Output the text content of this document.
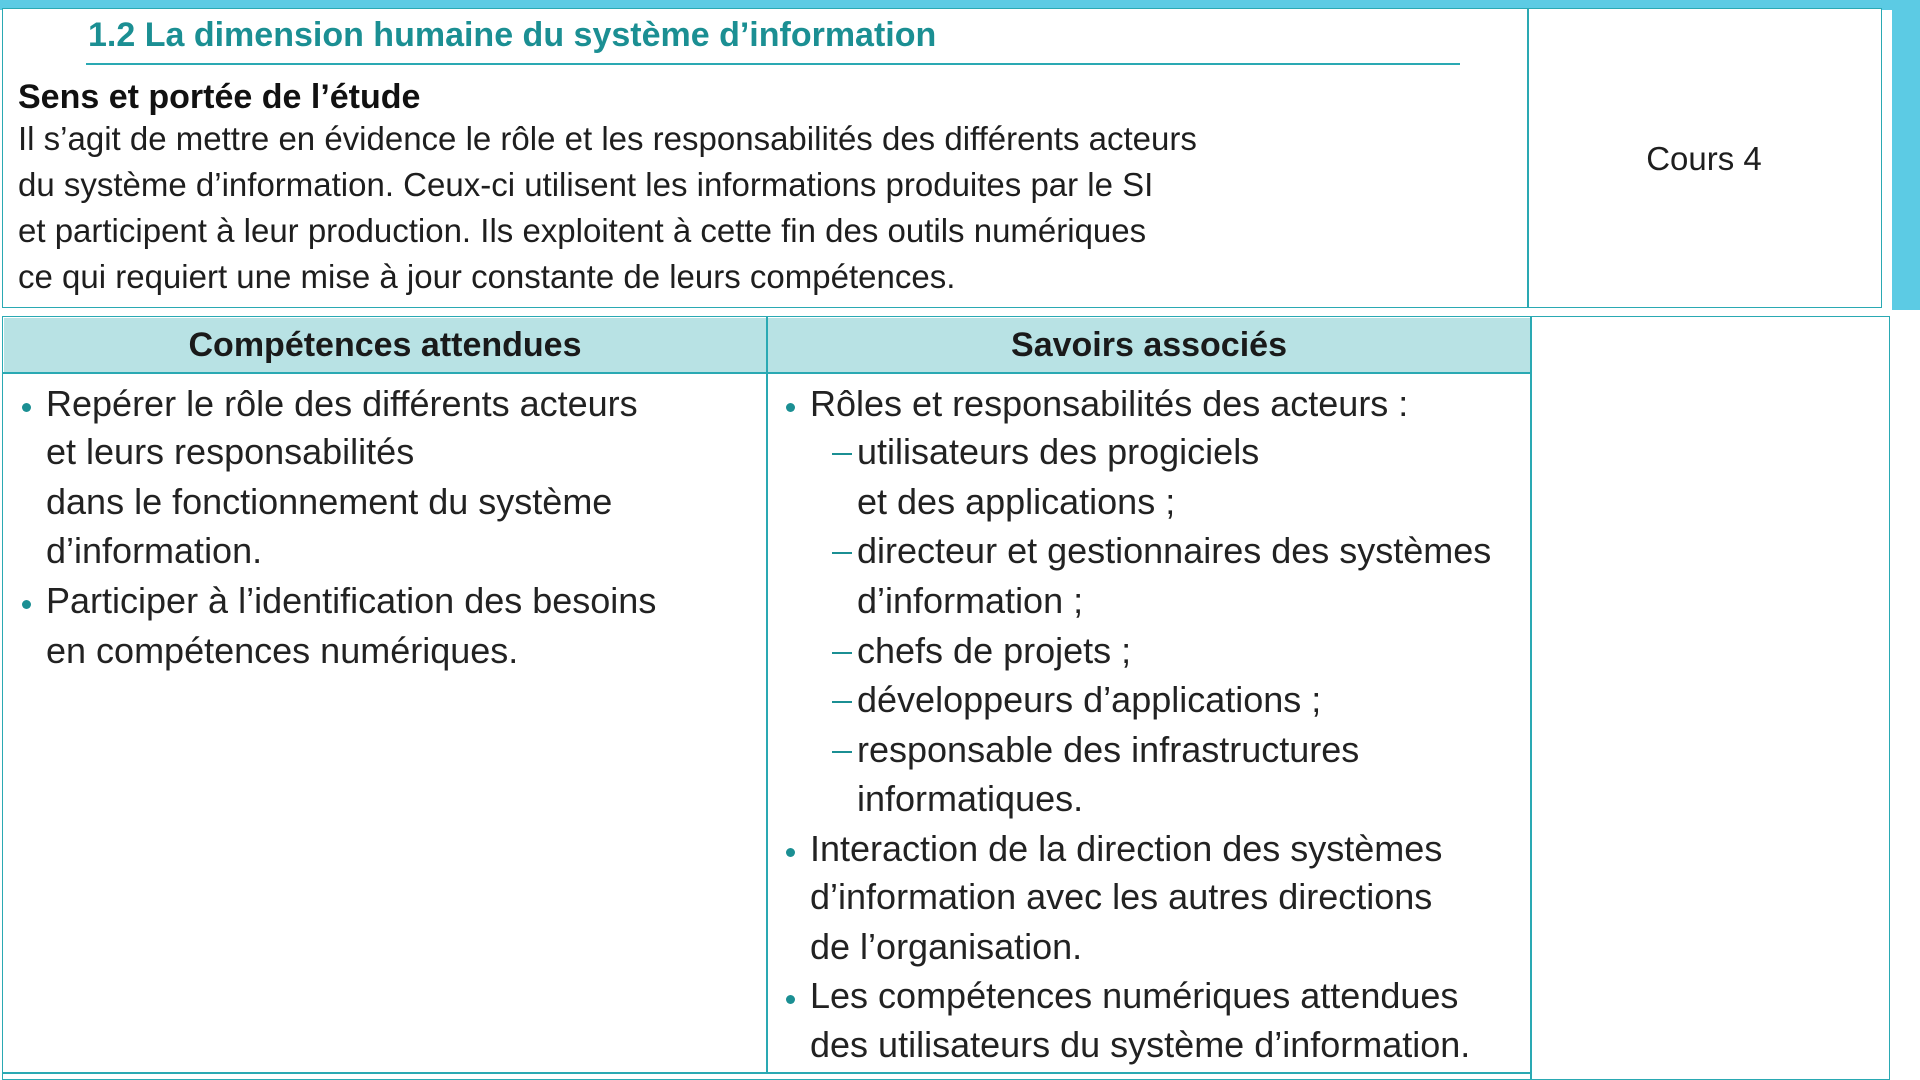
1.2 La dimension humaine du système d’information
Sens et portée de l’étude
Il s’agit de mettre en évidence le rôle et les responsabilités des différents acteurs
du système d’information. Ceux-ci utilisent les informations produites par le SI
et participent à leur production. Ils exploitent à cette fin des outils numériques
ce qui requiert une mise à jour constante de leurs compétences.
Cours 4
Compétences attendues	Savoirs associés
Repérer le rôle des différents acteurs
et leurs responsabilités
dans le fonctionnement du système
d’information.
Participer à l’identification des besoins
en compétences numériques.
Rôles et responsabilités des acteurs :
utilisateurs des progiciels
et des applications ;
directeur et gestionnaires des systèmes
d’information ;
chefs de projets ;
développeurs d’applications ;
responsable des infrastructures
informatiques.
Interaction de la direction des systèmes
d’information avec les autres directions
de l’organisation.
Les compétences numériques attendues
des utilisateurs du système d’information.
